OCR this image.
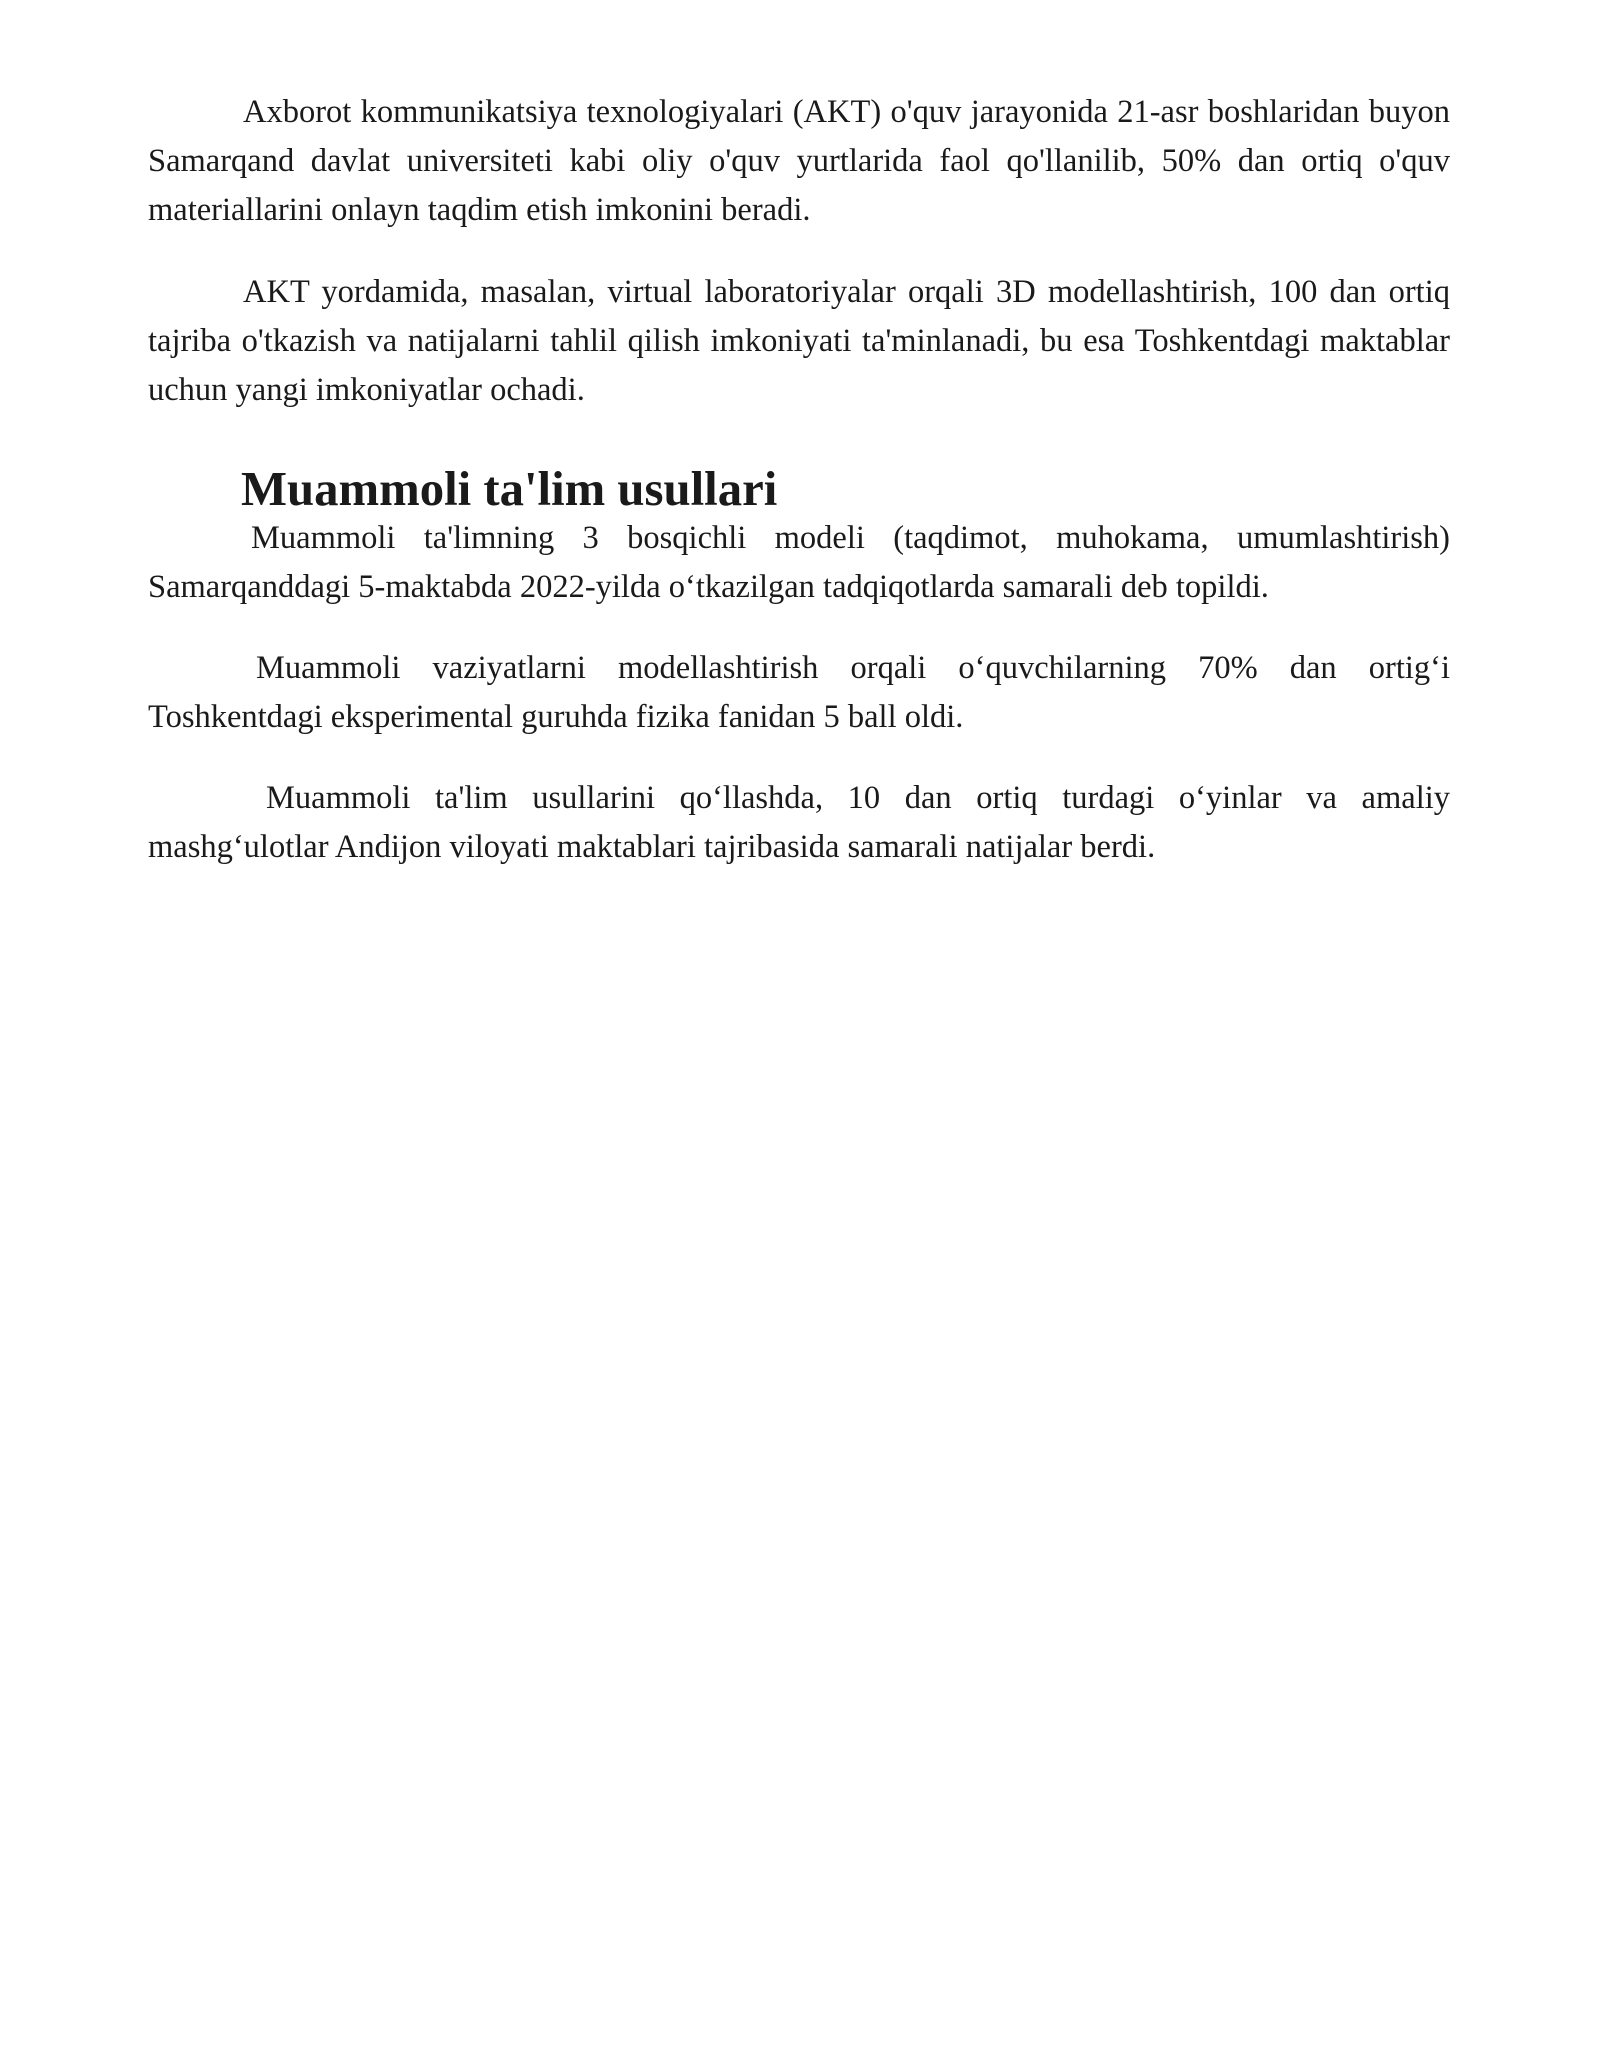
Axborot kommunikatsiya texnologiyalari (AKT) o'quv jarayonida 21-asr boshlaridan buyon Samarqand davlat universiteti kabi oliy o'quv yurtlarida faol qo'llanilib, 50% dan ortiq o'quv materiallarini onlayn taqdim etish imkonini beradi.

AKT yordamida, masalan, virtual laboratoriyalar orqali 3D modellashtirish, 100 dan ortiq tajriba o'tkazish va natijalarni tahlil qilish imkoniyati ta'minlanadi, bu esa Toshkentdagi maktablar uchun yangi imkoniyatlar ochadi.

Muammoli ta'lim usullari

Muammoli ta'limning 3 bosqichli modeli (taqdimot, muhokama, umumlashtirish) Samarqanddagi 5-maktabda 2022-yilda o‘tkazilgan tadqiqotlarda samarali deb topildi.

Muammoli vaziyatlarni modellashtirish orqali o‘quvchilarning 70% dan ortig‘i Toshkentdagi eksperimental guruhda fizika fanidan 5 ball oldi.

Muammoli ta'lim usullarini qo‘llashda, 10 dan ortiq turdagi o‘yinlar va amaliy mashg‘ulotlar Andijon viloyati maktablari tajribasida samarali natijalar berdi.
